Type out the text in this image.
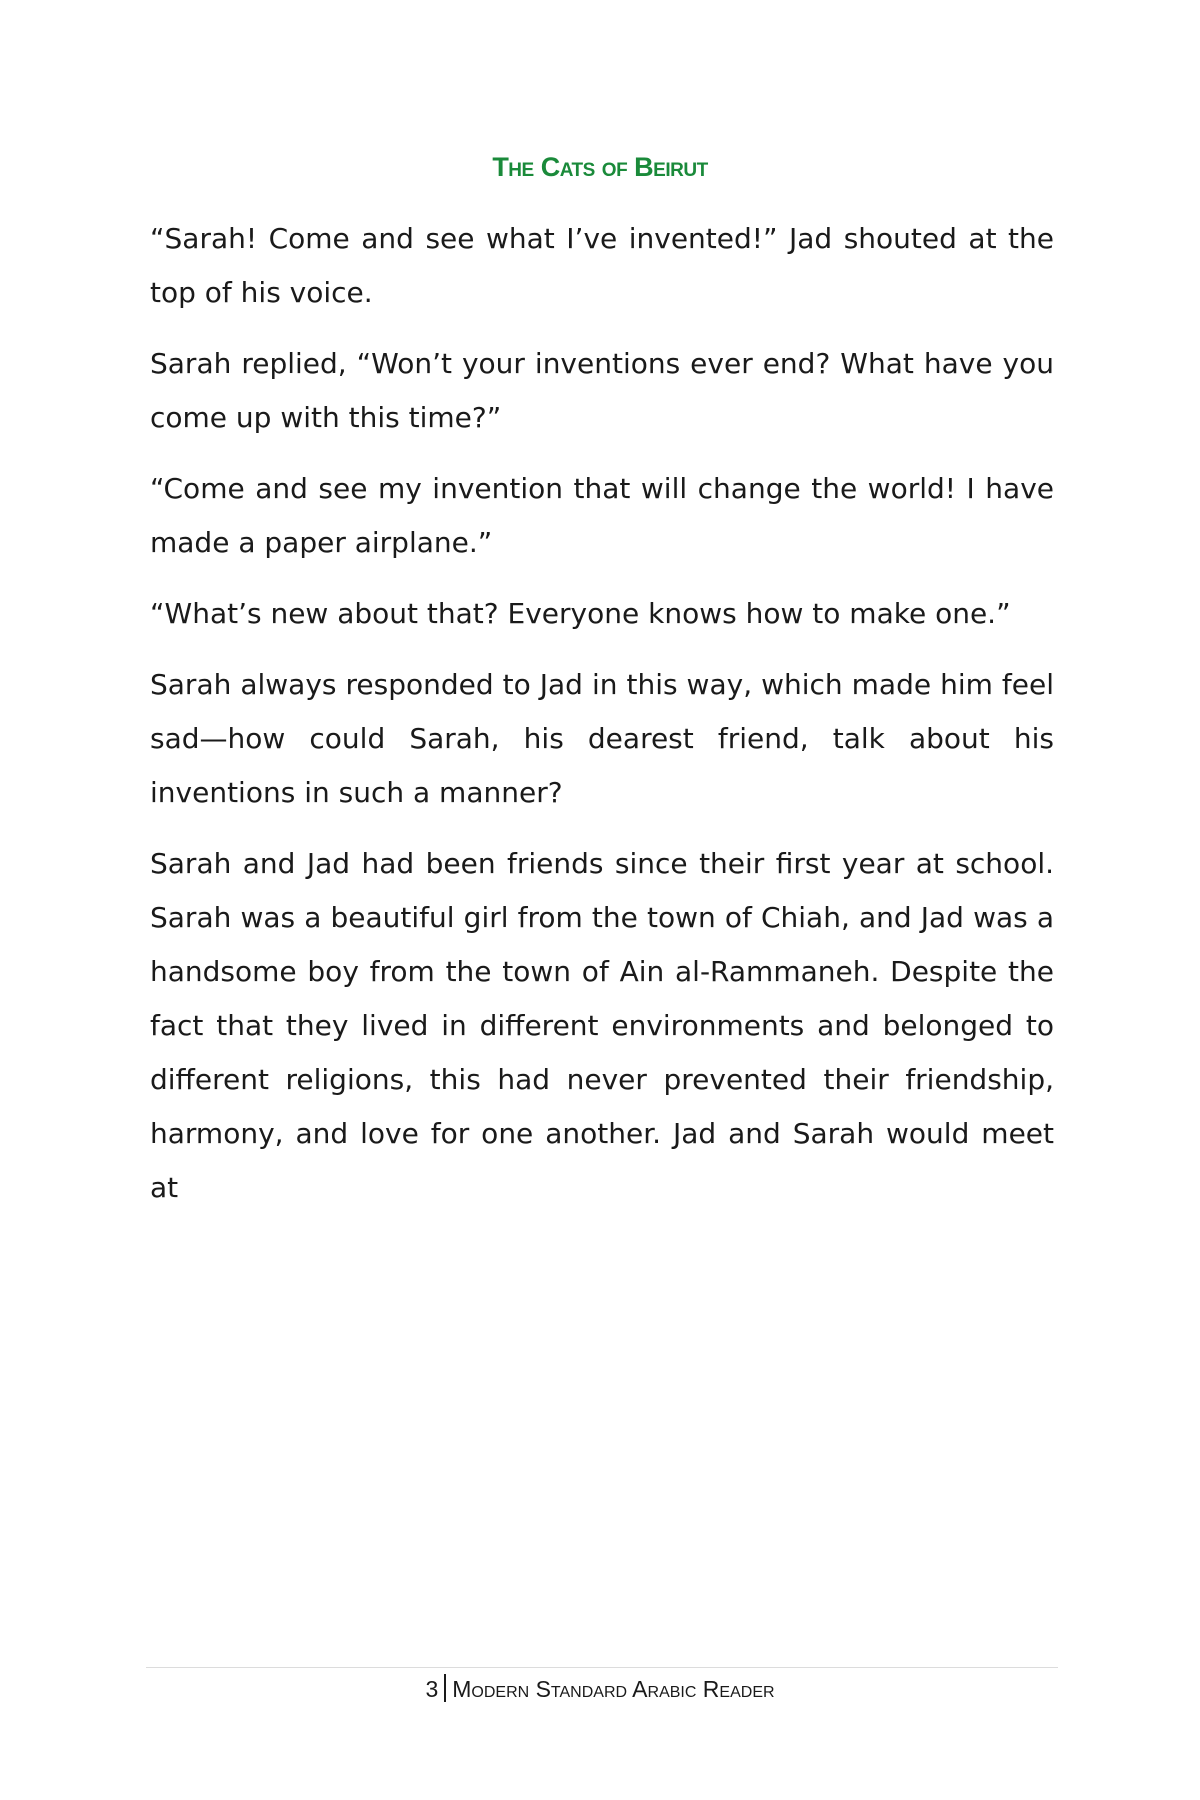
The Cats of Beirut

“Sarah! Come and see what I’ve invented!” Jad shouted at the top of his voice.

Sarah replied, “Won’t your inventions ever end? What have you come up with this time?”

“Come and see my invention that will change the world! I have made a paper airplane.”

“What’s new about that? Everyone knows how to make one.”

Sarah always responded to Jad in this way, which made him feel sad—how could Sarah, his dearest friend, talk about his inventions in such a manner?

Sarah and Jad had been friends since their first year at school. Sarah was a beautiful girl from the town of Chiah, and Jad was a handsome boy from the town of Ain al-Rammaneh. Despite the fact that they lived in different environments and belonged to different religions, this had never prevented their friendship, harmony, and love for one another. Jad and Sarah would meet at

3 Modern Standard Arabic Reader
